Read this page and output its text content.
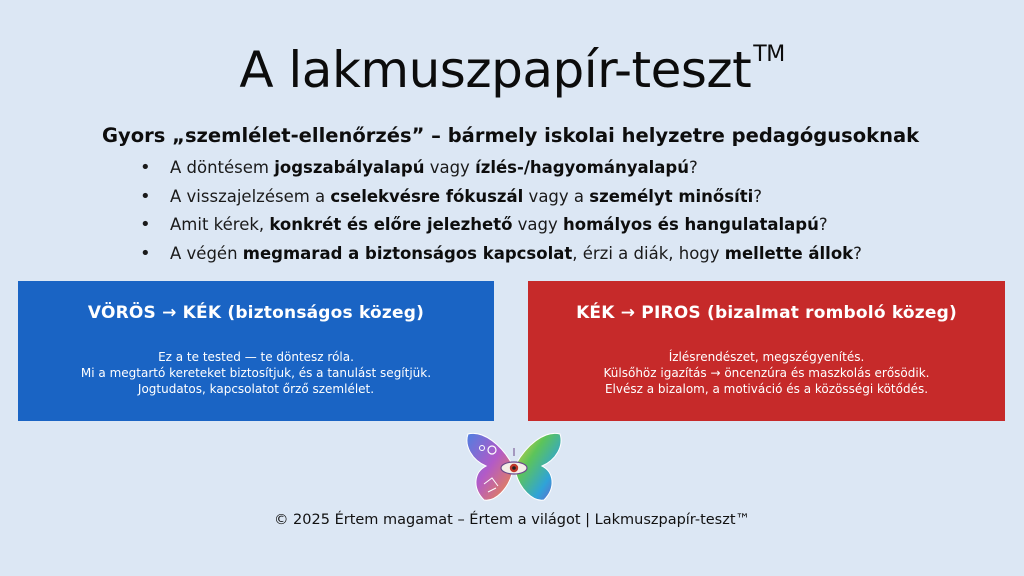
A lakmuszpapír-teszt™
Gyors „szemlélet-ellenőrzés” – bármely iskolai helyzetre pedagógusoknak
• A döntésem jogszabályalapú vagy ízlés-/hagyományalapú?
• A visszajelzésem a cselekvésre fókuszál vagy a személyt minősíti?
• Amit kérek, konkrét és előre jelezhető vagy homályos és hangulatalapú?
• A végén megmarad a biztonságos kapcsolat, érzi a diák, hogy mellette állok?
VÖRÖS → KÉK (biztonságos közeg)
Ez a te tested — te döntesz róla.
Mi a megtartó kereteket biztosítjuk, és a tanulást segítjük.
Jogtudatos, kapcsolatot őrző szemlélet.
KÉK → PIROS (bizalmat romboló közeg)
Ízlésrendészet, megszégyenítés.
Külsőhöz igazítás → öncenzúra és maszkolás erősödik.
Elvész a bizalom, a motiváció és a közösségi kötődés.
© 2025 Értem magamat – Értem a világot | Lakmuszpapír-teszt™
